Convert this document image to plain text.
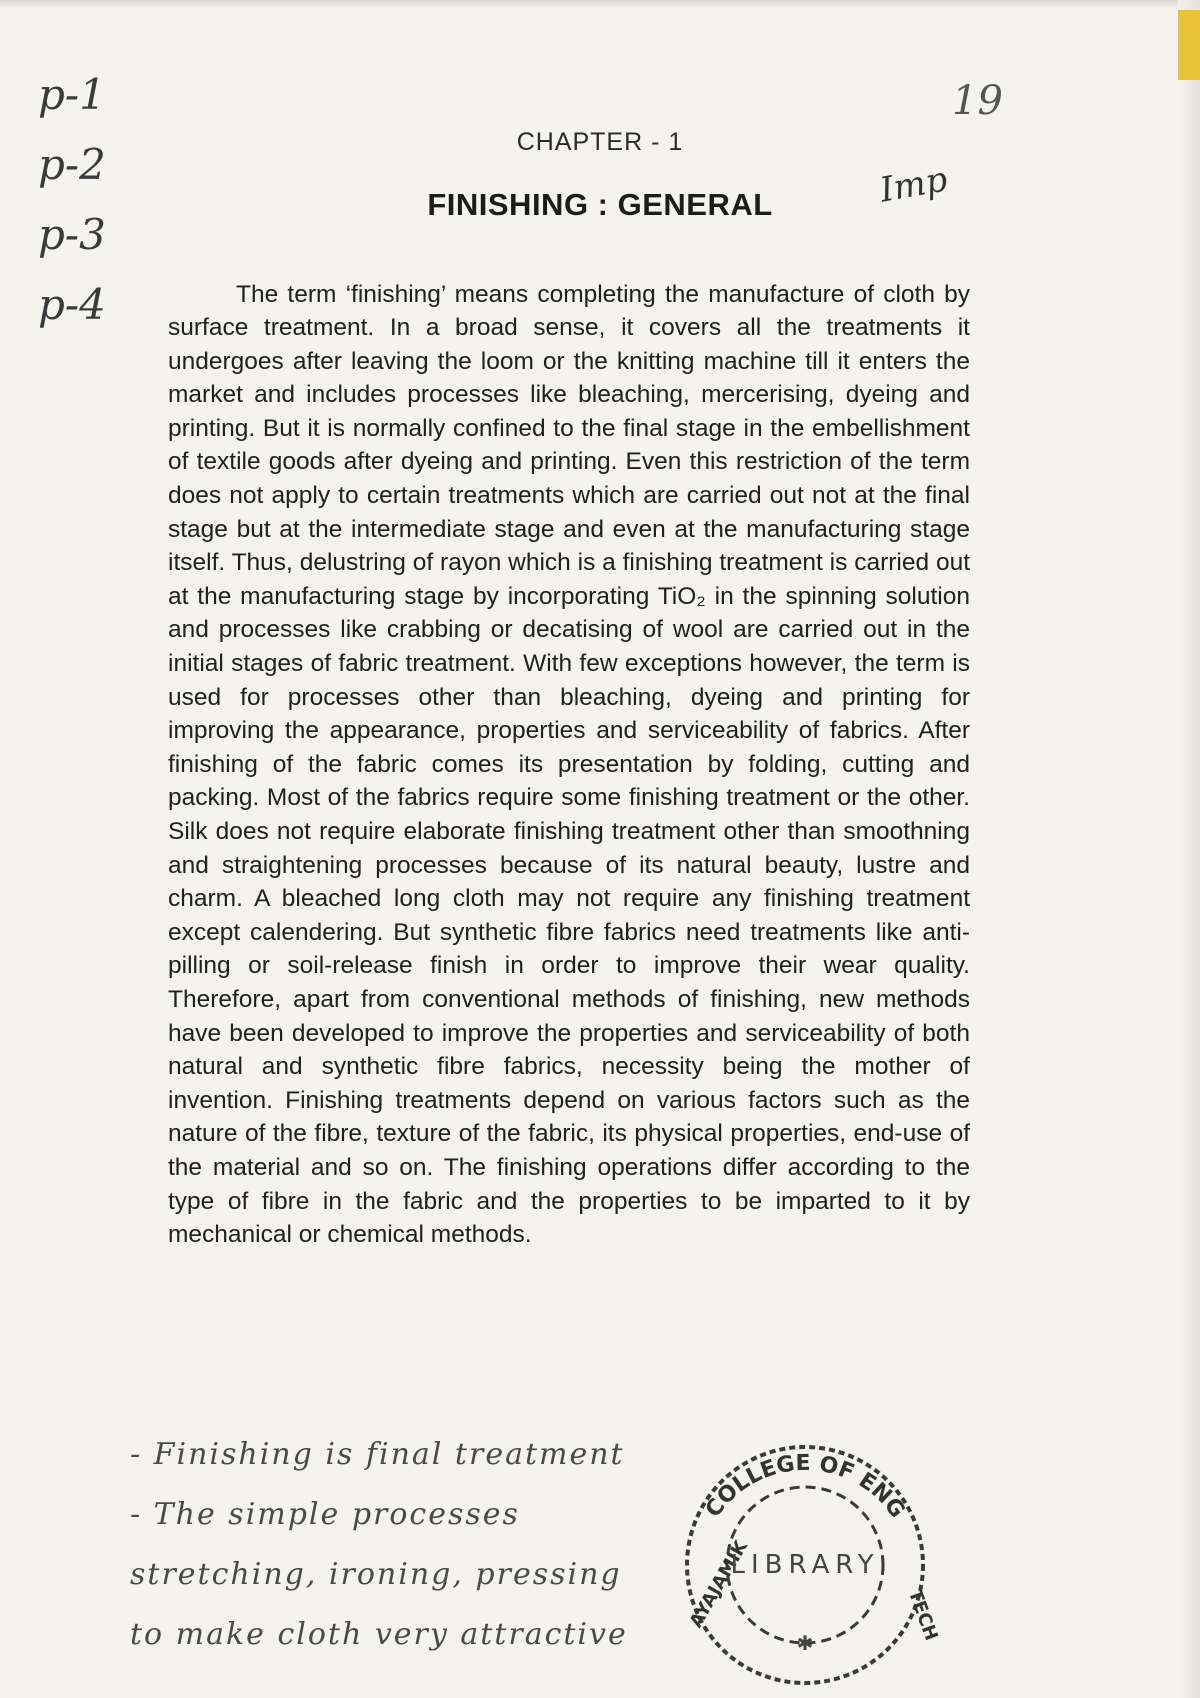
p-1
p-2
p-3
p-4
19
Imp
CHAPTER - 1
FINISHING : GENERAL

The term ‘finishing’ means completing the manufacture of cloth by surface treatment. In a broad sense, it covers all the treatments it undergoes after leaving the loom or the knitting machine till it enters the market and includes processes like bleaching, mercerising, dyeing and printing. But it is normally confined to the final stage in the embellishment of textile goods after dyeing and printing. Even this restriction of the term does not apply to certain treatments which are carried out not at the final stage but at the intermediate stage and even at the manufacturing stage itself. Thus, delustring of rayon which is a finishing treatment is carried out at the manufacturing stage by incorporating TiO₂ in the spinning solution and processes like crabbing or decatising of wool are carried out in the initial stages of fabric treatment. With few exceptions however, the term is used for processes other than bleaching, dyeing and printing for improving the appearance, properties and serviceability of fabrics. After finishing of the fabric comes its presentation by folding, cutting and packing. Most of the fabrics require some finishing treatment or the other. Silk does not require elaborate finishing treatment other than smoothning and straightening processes because of its natural beauty, lustre and charm. A bleached long cloth may not require any finishing treatment except calendering. But synthetic fibre fabrics need treatments like anti-pilling or soil-release finish in order to improve their wear quality. Therefore, apart from conventional methods of finishing, new methods have been developed to improve the properties and serviceability of both natural and synthetic fibre fabrics, necessity being the mother of invention. Finishing treatments depend on various factors such as the nature of the fibre, texture of the fabric, its physical properties, end-use of the material and so on. The finishing operations differ according to the type of fibre in the fabric and the properties to be imparted to it by mechanical or chemical methods.

- Finishing is final treatment
- The simple processes
stretching, ironing, pressing
to make cloth very attractive
COLLEGE OF ENG
AYAJAMIK	TECH
LIBRARY
✱
